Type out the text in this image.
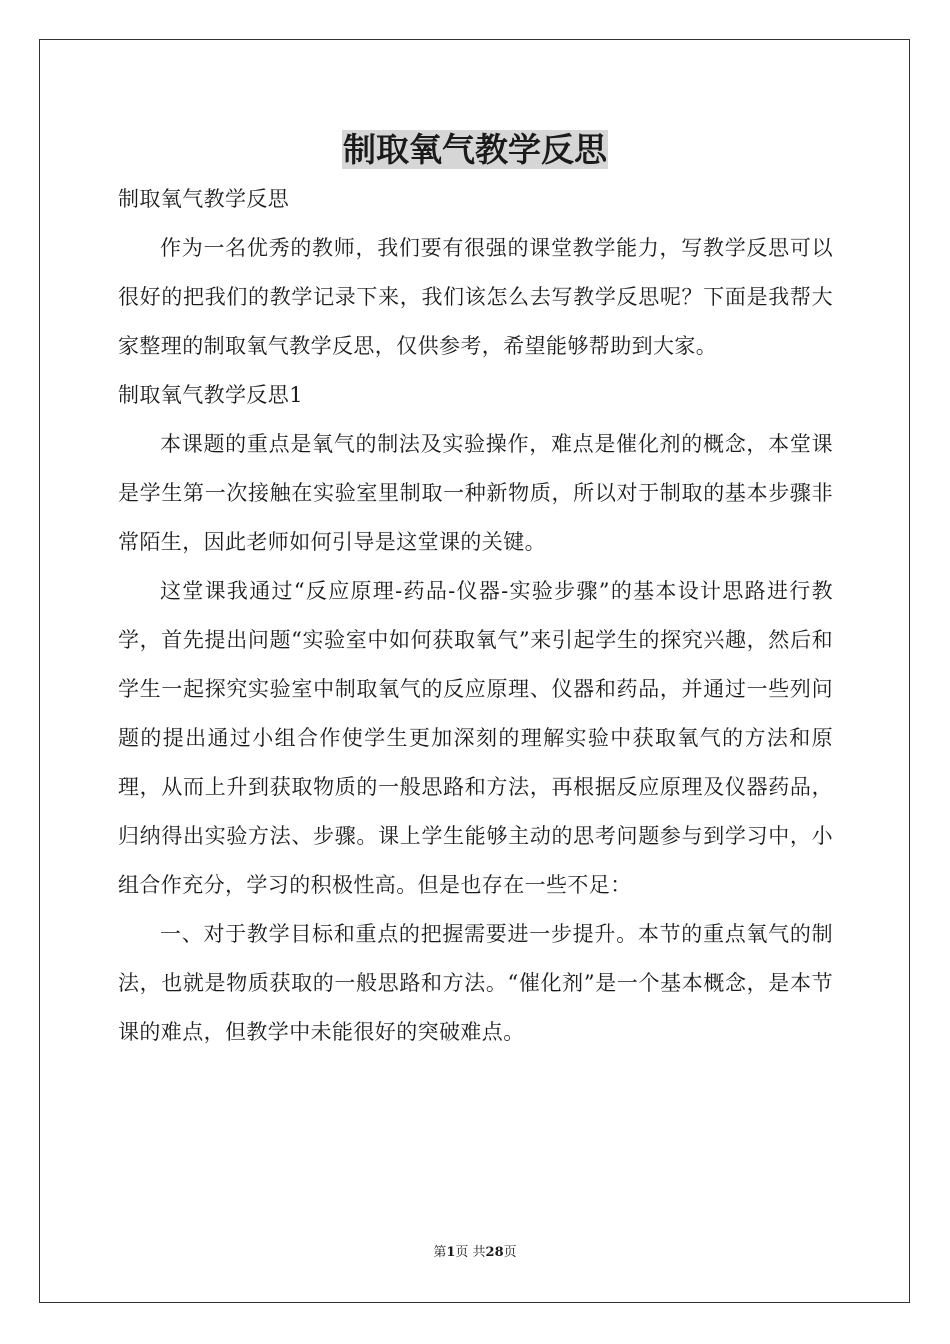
制取氧气教学反思

制取氧气教学反思

作为一名优秀的教师，我们要有很强的课堂教学能力，写教学反思可以很好的把我们的教学记录下来，我们该怎么去写教学反思呢？下面是我帮大家整理的制取氧气教学反思，仅供参考，希望能够帮助到大家。

制取氧气教学反思1

本课题的重点是氧气的制法及实验操作，难点是催化剂的概念，本堂课是学生第一次接触在实验室里制取一种新物质，所以对于制取的基本步骤非常陌生，因此老师如何引导是这堂课的关键。

这堂课我通过“反应原理-药品-仪器-实验步骤”的基本设计思路进行教学，首先提出问题“实验室中如何获取氧气”来引起学生的探究兴趣，然后和学生一起探究实验室中制取氧气的反应原理、仪器和药品，并通过一些列问题的提出通过小组合作使学生更加深刻的理解实验中获取氧气的方法和原理，从而上升到获取物质的一般思路和方法，再根据反应原理及仪器药品，归纳得出实验方法、步骤。课上学生能够主动的思考问题参与到学习中，小组合作充分，学习的积极性高。但是也存在一些不足：

一、对于教学目标和重点的把握需要进一步提升。本节的重点氧气的制法，也就是物质获取的一般思路和方法。“催化剂”是一个基本概念，是本节课的难点，但教学中未能很好的突破难点。

第1页 共28页
